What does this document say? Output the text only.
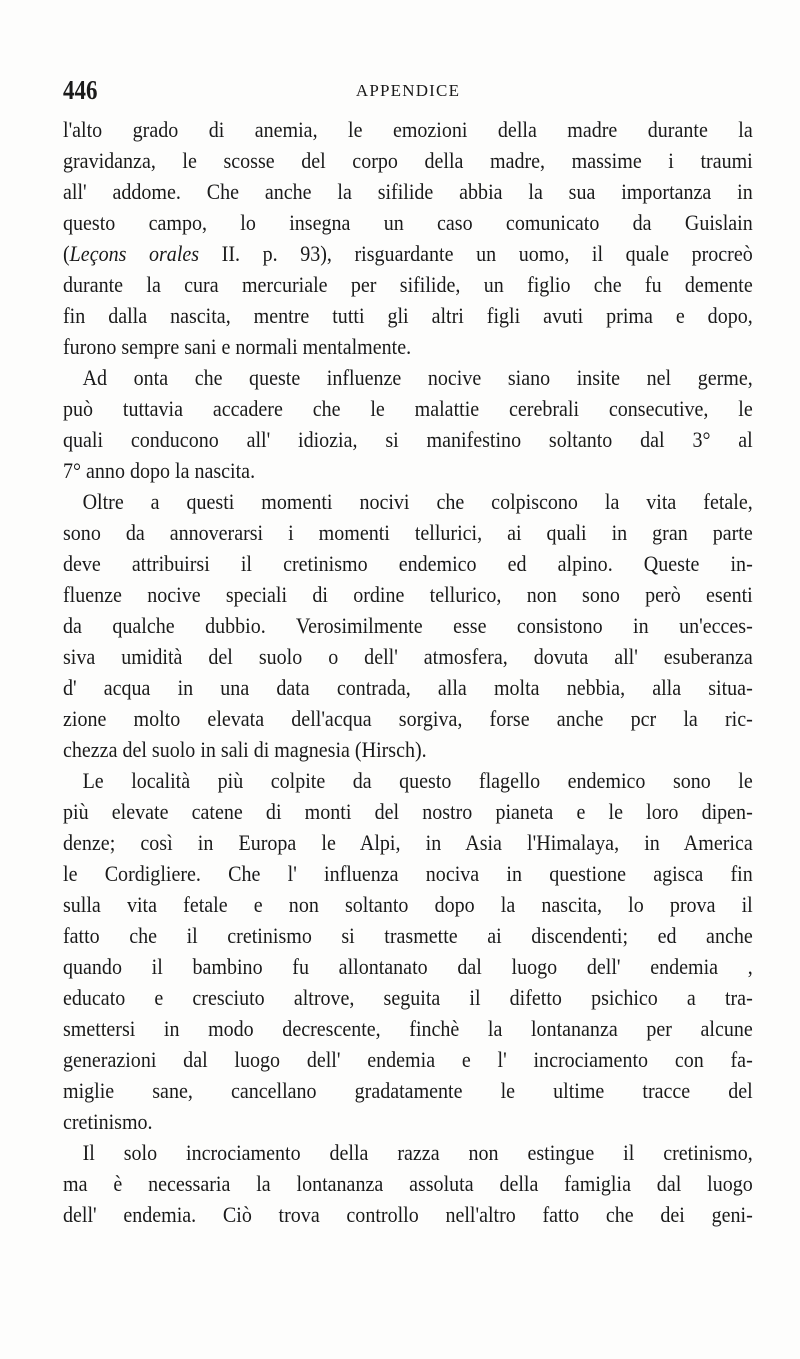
446	APPENDICE
l'alto grado di anemia, le emozioni della madre durante la
gravidanza, le scosse del corpo della madre, massime i traumi
all' addome. Che anche la sifilide abbia la sua importanza in
questo campo, lo insegna un caso comunicato da Guislain
(Leçons orales II. p. 93), risguardante un uomo, il quale procreò
durante la cura mercuriale per sifilide, un figlio che fu demente
fin dalla nascita, mentre tutti gli altri figli avuti prima e dopo,
furono sempre sani e normali mentalmente.
Ad onta che queste influenze nocive siano insite nel germe,
può tuttavia accadere che le malattie cerebrali consecutive, le
quali conducono all' idiozia, si manifestino soltanto dal 3° al
7° anno dopo la nascita.
Oltre a questi momenti nocivi che colpiscono la vita fetale,
sono da annoverarsi i momenti tellurici, ai quali in gran parte
deve attribuirsi il cretinismo endemico ed alpino. Queste in-
fluenze nocive speciali di ordine tellurico, non sono però esenti
da qualche dubbio. Verosimilmente esse consistono in un'ecces-
siva umidità del suolo o dell' atmosfera, dovuta all' esuberanza
d' acqua in una data contrada, alla molta nebbia, alla situa-
zione molto elevata dell'acqua sorgiva, forse anche pcr la ric-
chezza del suolo in sali di magnesia (Hirsch).
Le località più colpite da questo flagello endemico sono le
più elevate catene di monti del nostro pianeta e le loro dipen-
denze; così in Europa le Alpi, in Asia l'Himalaya, in America
le Cordigliere. Che l' influenza nociva in questione agisca fin
sulla vita fetale e non soltanto dopo la nascita, lo prova il
fatto che il cretinismo si trasmette ai discendenti; ed anche
quando il bambino fu allontanato dal luogo dell' endemia ,
educato e cresciuto altrove, seguita il difetto psichico a tra-
smettersi in modo decrescente, finchè la lontananza per alcune
generazioni dal luogo dell' endemia e l' incrociamento con fa-
miglie sane, cancellano gradatamente le ultime tracce del
cretinismo.
Il solo incrociamento della razza non estingue il cretinismo,
ma è necessaria la lontananza assoluta della famiglia dal luogo
dell' endemia. Ciò trova controllo nell'altro fatto che dei geni-
